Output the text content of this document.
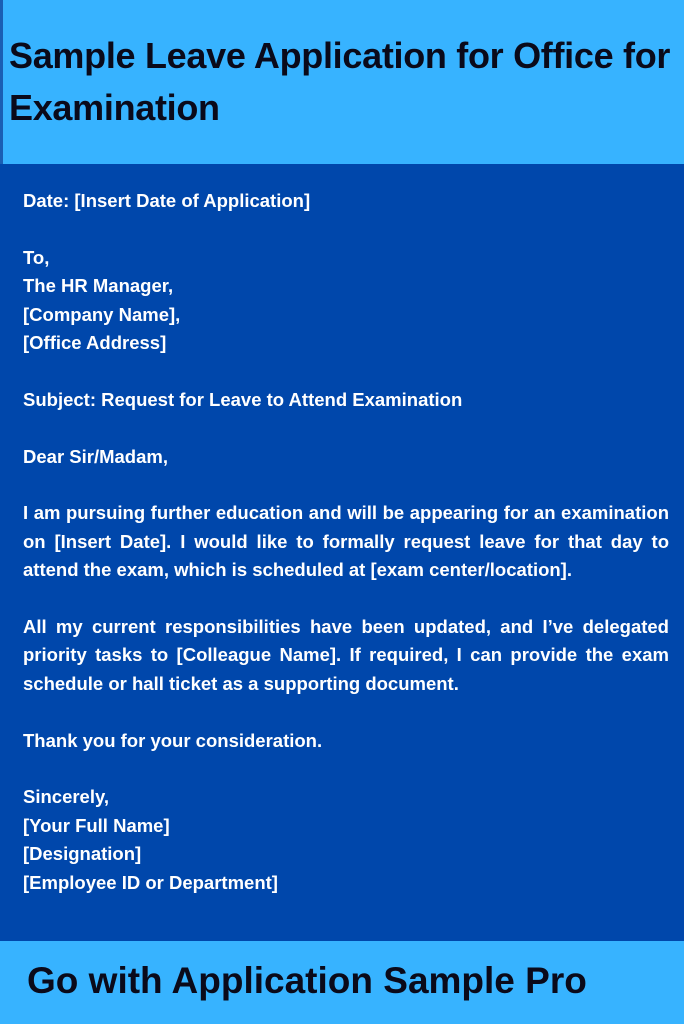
Sample Leave Application for Office for Examination

Date: [Insert Date of Application]

To,
The HR Manager,
[Company Name],
[Office Address]

Subject: Request for Leave to Attend Examination

Dear Sir/Madam,

I am pursuing further education and will be appearing for an examination on [Insert Date]. I would like to formally request leave for that day to attend the exam, which is scheduled at [exam center/location].

All my current responsibilities have been updated, and I’ve delegated priority tasks to [Colleague Name]. If required, I can provide the exam schedule or hall ticket as a supporting document.

Thank you for your consideration.

Sincerely,
[Your Full Name]
[Designation]
[Employee ID or Department]

Go with Application Sample Pro
